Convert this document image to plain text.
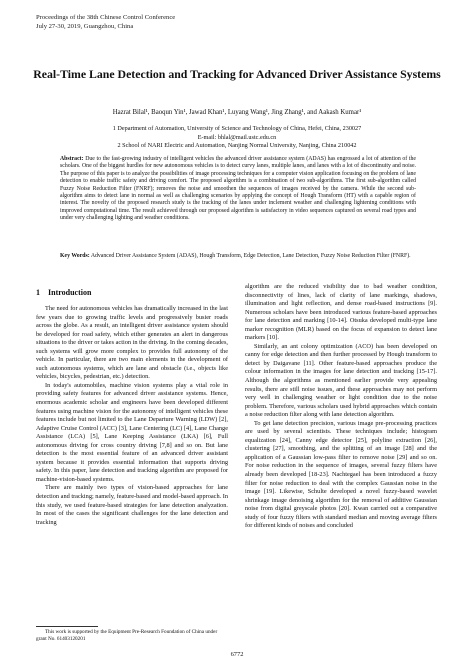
Proceedings of the 38th Chinese Control Conference
July 27-30, 2019, Guangzhou, China
Real-Time Lane Detection and Tracking for Advanced Driver Assistance Systems
Hazrat Bilal¹, Baoqun Yin¹, Jawad Khan¹, Luyang Wang¹, Jing Zhang¹, and Aakash Kumar¹
1 Department of Automation, University of Science and Technology of China, Hefei, China, 230027
E-mail: bhlal@mail.ustc.edu.cn
2 School of NARI Electric and Automation, Nanjing Normal University, Nanjing, China 210042

Abstract: Due to the fast-growing industry of intelligent vehicles the advanced driver assistance system (ADAS) has engrossed a lot of attention of the scholars. One of the biggest hurdles for new autonomous vehicles is to detect curvy lanes, multiple lanes, and lanes with a lot of discontinuity and noise. The purpose of this paper is to analyze the possibilities of image processing techniques for a computer vision application focusing on the problem of lane detection to enable traffic safety and driving comfort. The proposed algorithm is a combination of two sub-algorithms. The first sub-algorithm called Fuzzy Noise Reduction Filter (FNRF); removes the noise and smoothen the sequences of images received by the camera. While the second sub-algorithm aims to detect lane in normal as well as challenging scenarios by applying the concept of Hough Transform (HT) with a capable region of interest. The novelty of the proposed research study is the tracking of the lanes under inclement weather and challenging lightening conditions with improved computational time. The result achieved through our proposed algorithm is satisfactory in video sequences captured on several road types and under very challenging lighting and weather conditions.

Key Words: Advanced Driver Assistance System (ADAS), Hough Transform, Edge Detection, Lane Detection, Fuzzy Noise Reduction Filter (FNRF).

1 Introduction

The need for autonomous vehicles has dramatically increased in the last few years due to growing traffic levels and progressively busier roads across the globe. As a result, an intelligent driver assistance system should be developed for road safety, which either generates an alert in dangerous situations to the driver or takes action in the driving. In the coming decades, such systems will grow more complex to provides full autonomy of the vehicle. In particular, there are two main elements in the development of such autonomous systems, which are lane and obstacle (i.e., objects like vehicles, bicycles, pedestrian, etc.) detection.

In today's automobiles, machine vision systems play a vital role in providing safety features for advanced driver assistance systems. Hence, enormous academic scholar and engineers have been developed different features using machine vision for the autonomy of intelligent vehicles these features include but not limited to the Lane Departure Warning (LDW) [2], Adaptive Cruise Control (ACC) [3], Lane Centering (LC) [4], Lane Change Assistance (LCA) [5], Lane Keeping Assistance (LKA) [6], Full autonomous driving for cross country driving [7,8] and so on. But lane detection is the most essential feature of an advanced driver assistant system because it provides essential information that supports driving safety. In this paper, lane detection and tracking algorithm are proposed for machine-vision-based systems.

There are mainly two types of vision-based approaches for lane detection and tracking; namely, feature-based and model-based approach. In this study, we used feature-based strategies for lane detection analyzation. In most of the cases the significant challenges for the lane detection and tracking

algorithm are the reduced visibility due to bad weather condition, disconnectivity of lines, lack of clarity of lane markings, shadows, illumination and light reflection, and dense road-based instructions [9]. Numerous scholars have been introduced various feature-based approaches for lane detection and marking [10-14]. Otsuka developed multi-type lane marker recognition (MLR) based on the focus of expansion to detect lane markers [10].

Similarly, an ant colony optimization (ACO) has been developed on canny for edge detection and then further processed by Hough transform to detect by Daigavane [11]. Other feature-based approaches produce the colour information in the images for lane detection and tracking [15-17]. Although the algorithms as mentioned earlier provide very appealing results, there are still noise issues, and these approaches may not perform very well in challenging weather or light condition due to the noise problem. Therefore, various scholars used hybrid approaches which contain a noise reduction filter along with lane detection algorithm.

To get lane detection precision, various image pre-processing practices are used by several scientists. These techniques include; histogram equalization [24], Canny edge detector [25], polyline extraction [26], clustering [27], smoothing, and the splitting of an image [28] and the application of a Gaussian low-pass filter to remove noise [29] and so on. For noise reduction in the sequence of images, several fuzzy filters have already been developed [18-23]. Nachtegael has been introduced a fuzzy filter for noise reduction to deal with the complex Gaussian noise in the image [19]. Likewise, Schulte developed a novel fuzzy-based wavelet shrinkage image denoising algorithm for the removal of additive Gaussian noise from digital greyscale photos [20]. Kwan carried out a comparative study of four fuzzy filters with standard median and moving average filters for different kinds of noises and concluded

This work is supported by the Equipment Pre-Research Foundation of China under grant No. 61403120201

6772
